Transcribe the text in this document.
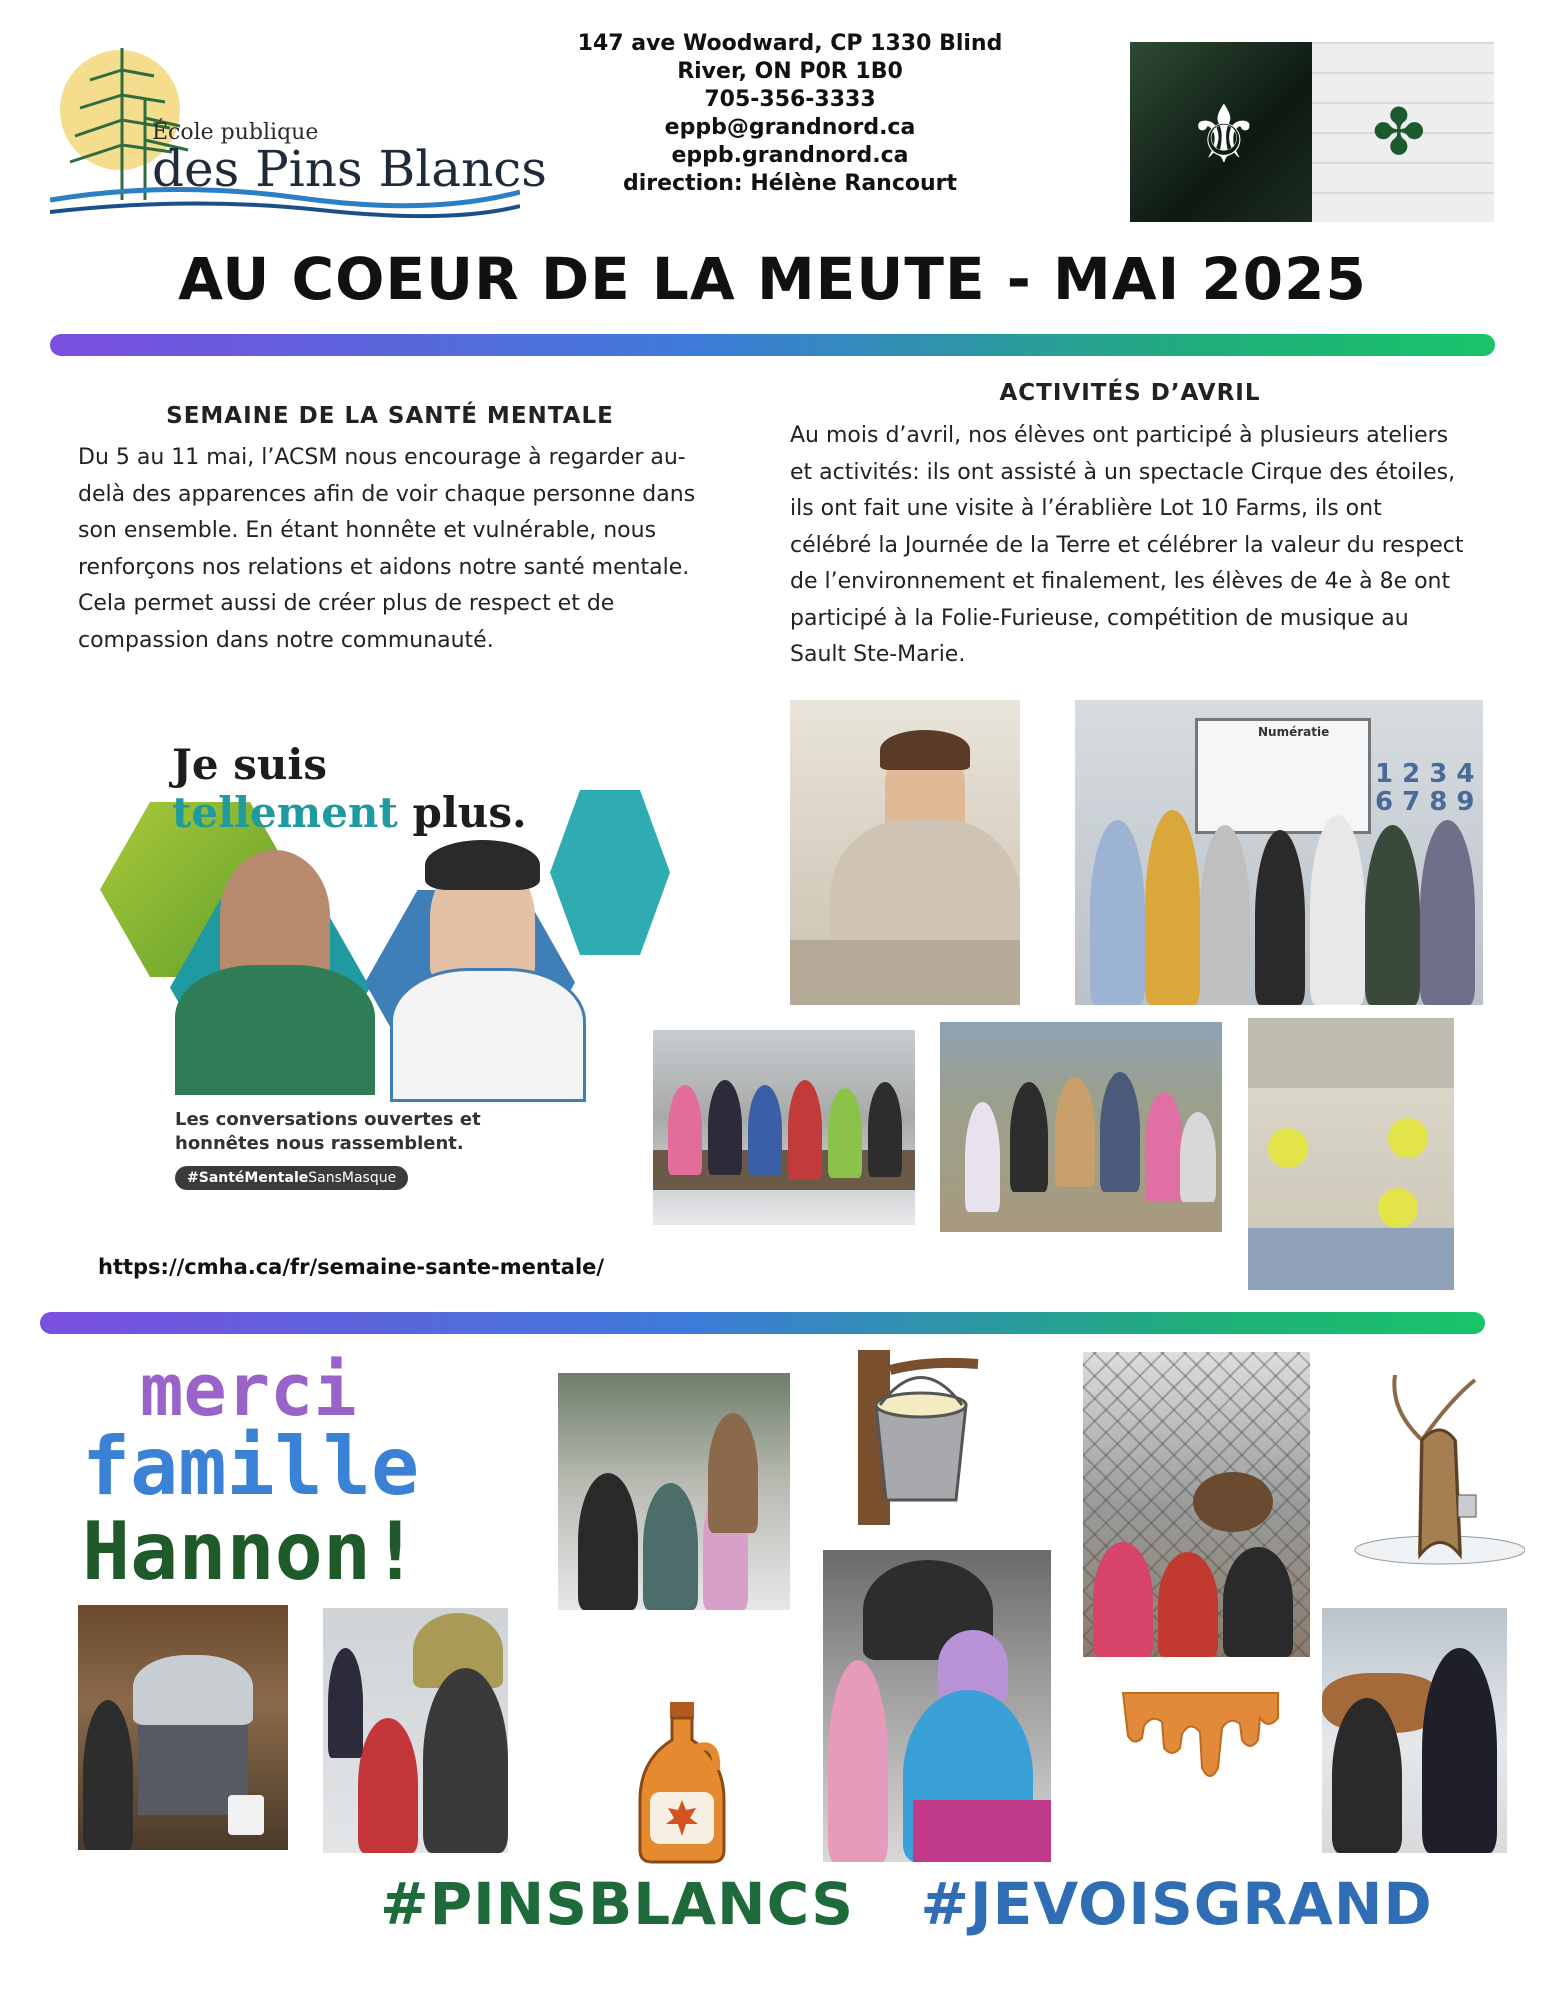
École publique
des Pins Blancs
147 ave Woodward, CP 1330 Blind
River, ON P0R 1B0
705-356-3333
eppb@grandnord.ca
eppb.grandnord.ca
direction: Hélène Rancourt
⚜ ✤
AU COEUR DE LA MEUTE - MAI 2025
SEMAINE DE LA SANTÉ MENTALE
Du 5 au 11 mai, l’ACSM nous encourage à regarder au-delà des apparences afin de voir chaque personne dans son ensemble. En étant honnête et vulnérable, nous renforçons nos relations et aidons notre santé mentale. Cela permet aussi de créer plus de respect et de compassion dans notre communauté.
Je suis
tellement plus.
Les conversations ouvertes et honnêtes nous rassemblent.
#SantéMentaleSansMasque
https://cmha.ca/fr/semaine-sante-mentale/
ACTIVITÉS D’AVRIL
Au mois d’avril, nos élèves ont participé à plusieurs ateliers et activités: ils ont assisté à un spectacle Cirque des étoiles, ils ont fait une visite à l’érablière Lot 10 Farms, ils ont célébré la Journée de la Terre et célébrer la valeur du respect de l’environnement et finalement, les élèves de 4e à 8e ont participé à la Folie-Furieuse, compétition de musique au Sault Ste-Marie.
Numératie
1 2 3 4 6 7 8 9
merci
famille
Hannon!
#PINSBLANCS #JEVOISGRAND
